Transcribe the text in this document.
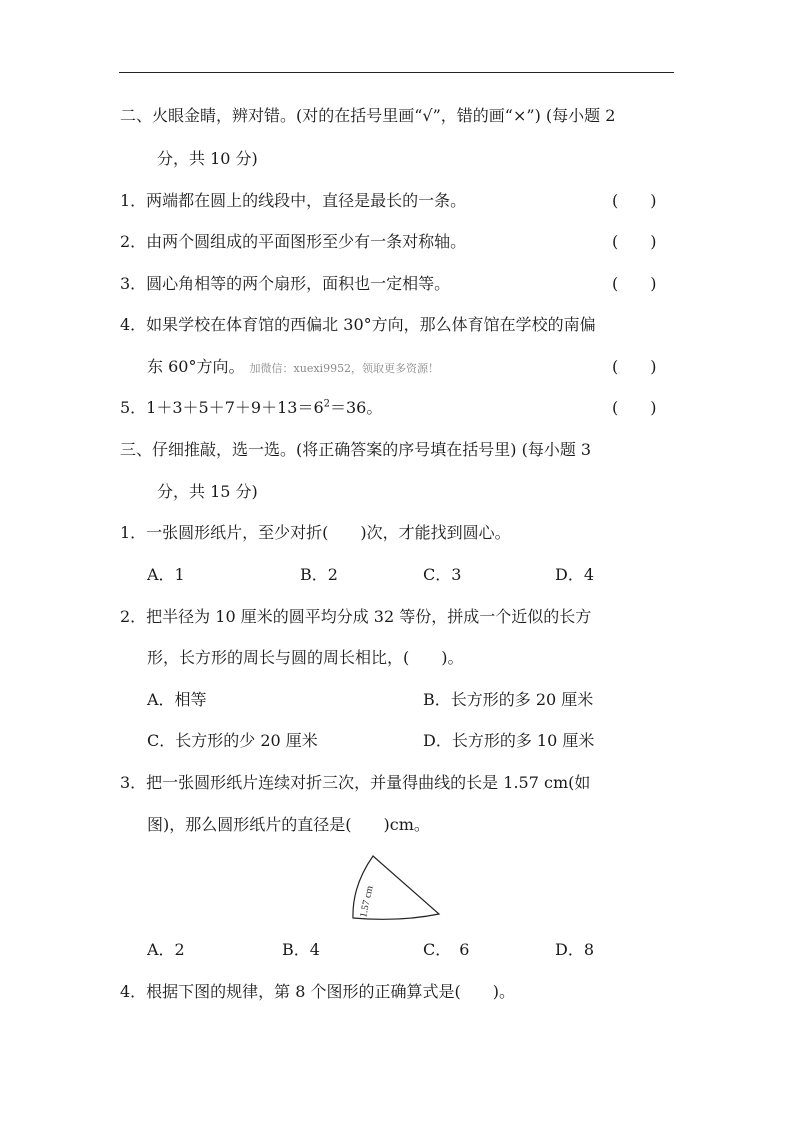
二、火眼金睛，辨对错。(对的在括号里画“√”，错的画“×”) (每小题 2
分，共 10 分)
1．两端都在圆上的线段中，直径是最长的一条。	(　　)
2．由两个圆组成的平面图形至少有一条对称轴。	(　　)
3．圆心角相等的两个扇形，面积也一定相等。	(　　)
4．如果学校在体育馆的西偏北 30°方向，那么体育馆在学校的南偏
东 60°方向。 加微信：xuexi9952，领取更多资源！	(　　)
5．$1+3+5+7+9+13=6^2=36$。	(　　)
三、仔细推敲，选一选。(将正确答案的序号填在括号里) (每小题 3
分，共 15 分)
1．一张圆形纸片，至少对折(　　)次，才能找到圆心。
A．1	B．2	C．3	D．4
2．把半径为 10 厘米的圆平均分成 32 等份，拼成一个近似的长方
形，长方形的周长与圆的周长相比，(　　)。
A．相等	B．长方形的多 20 厘米
C．长方形的少 20 厘米	D．长方形的多 10 厘米
3．把一张圆形纸片连续对折三次，并量得曲线的长是 1.57 cm(如
图)，那么圆形纸片的直径是(　　)cm。
1.57 cm
A．2	B．4	C．　6	D．8
4．根据下图的规律，第 8 个图形的正确算式是(　　)。
